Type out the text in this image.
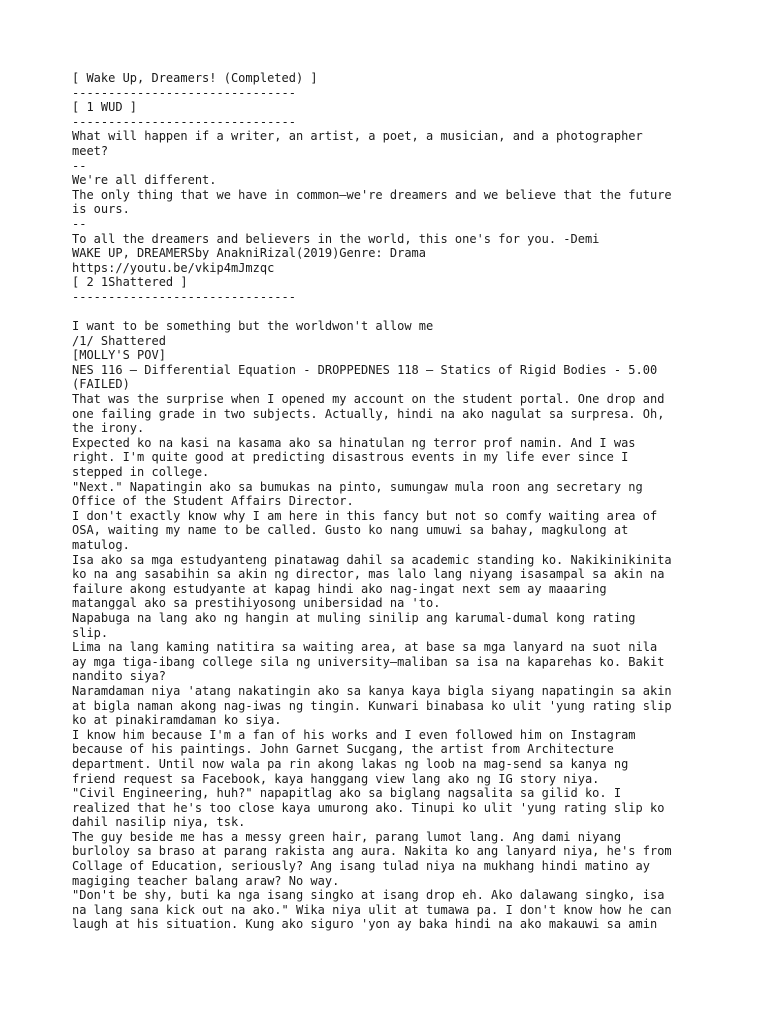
[ Wake Up, Dreamers! (Completed) ]
-------------------------------
[ 1 WUD ]
-------------------------------
What will happen if a writer, an artist, a poet, a musician, and a photographer
meet?
--
We're all different.
The only thing that we have in common—we're dreamers and we believe that the future
is ours.
--
To all the dreamers and believers in the world, this one's for you. -Demi
WAKE UP, DREAMERSby AnakniRizal(2019)Genre: Drama
https://youtu.be/vkip4mJmzqc
[ 2 1Shattered ]
-------------------------------
I want to be something but the worldwon't allow me
/1/ Shattered
[MOLLY'S POV]
NES 116 – Differential Equation - DROPPEDNES 118 – Statics of Rigid Bodies - 5.00
(FAILED)
That was the surprise when I opened my account on the student portal. One drop and
one failing grade in two subjects. Actually, hindi na ako nagulat sa surpresa. Oh,
the irony.
Expected ko na kasi na kasama ako sa hinatulan ng terror prof namin. And I was
right. I'm quite good at predicting disastrous events in my life ever since I
stepped in college.
"Next." Napatingin ako sa bumukas na pinto, sumungaw mula roon ang secretary ng
Office of the Student Affairs Director.
I don't exactly know why I am here in this fancy but not so comfy waiting area of
OSA, waiting my name to be called. Gusto ko nang umuwi sa bahay, magkulong at
matulog.
Isa ako sa mga estudyanteng pinatawag dahil sa academic standing ko. Nakikinikinita
ko na ang sasabihin sa akin ng director, mas lalo lang niyang isasampal sa akin na
failure akong estudyante at kapag hindi ako nag-ingat next sem ay maaaring
matanggal ako sa prestihiyosong unibersidad na 'to.
Napabuga na lang ako ng hangin at muling sinilip ang karumal-dumal kong rating
slip.
Lima na lang kaming natitira sa waiting area, at base sa mga lanyard na suot nila
ay mga tiga-ibang college sila ng university—maliban sa isa na kaparehas ko. Bakit
nandito siya?
Naramdaman niya 'atang nakatingin ako sa kanya kaya bigla siyang napatingin sa akin
at bigla naman akong nag-iwas ng tingin. Kunwari binabasa ko ulit 'yung rating slip
ko at pinakiramdaman ko siya.
I know him because I'm a fan of his works and I even followed him on Instagram
because of his paintings. John Garnet Sucgang, the artist from Architecture
department. Until now wala pa rin akong lakas ng loob na mag-send sa kanya ng
friend request sa Facebook, kaya hanggang view lang ako ng IG story niya.
"Civil Engineering, huh?" napapitlag ako sa biglang nagsalita sa gilid ko. I
realized that he's too close kaya umurong ako. Tinupi ko ulit 'yung rating slip ko
dahil nasilip niya, tsk.
The guy beside me has a messy green hair, parang lumot lang. Ang dami niyang
burloloy sa braso at parang rakista ang aura. Nakita ko ang lanyard niya, he's from
Collage of Education, seriously? Ang isang tulad niya na mukhang hindi matino ay
magiging teacher balang araw? No way.
"Don't be shy, buti ka nga isang singko at isang drop eh. Ako dalawang singko, isa
na lang sana kick out na ako." Wika niya ulit at tumawa pa. I don't know how he can
laugh at his situation. Kung ako siguro 'yon ay baka hindi na ako makauwi sa amin
